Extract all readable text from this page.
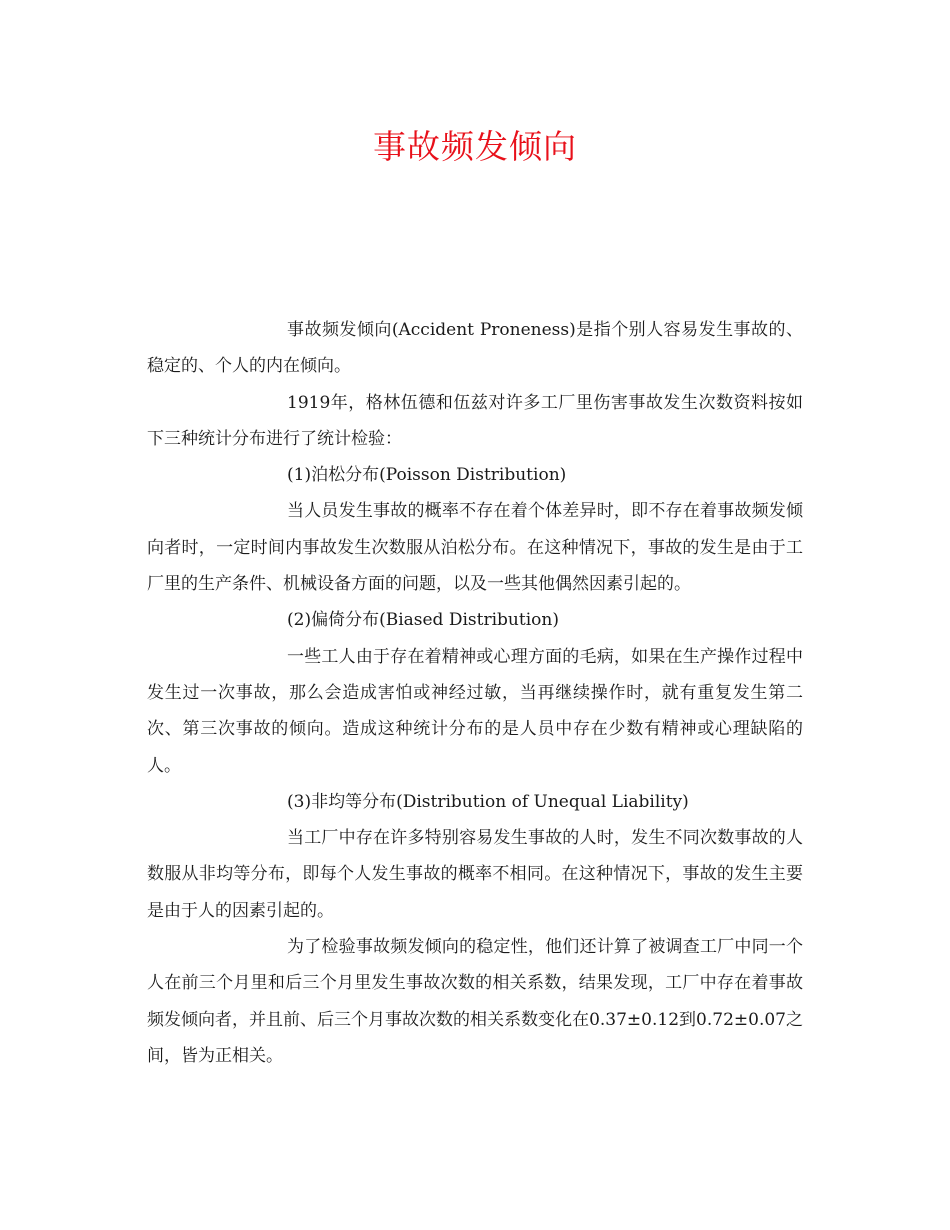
事故频发倾向

事故频发倾向(Accident Proneness)是指个别人容易发生事故的、稳定的、个人的内在倾向。

1919年，格林伍德和伍兹对许多工厂里伤害事故发生次数资料按如下三种统计分布进行了统计检验：

(1)泊松分布(Poisson Distribution)

当人员发生事故的概率不存在着个体差异时，即不存在着事故频发倾　向者时，一定时间内事故发生次数服从泊松分布。在这种情况下，事故的发生是由于工厂里的生产条件、机械设备方面的问题，以及一些其他偶然因素引起的。

(2)偏倚分布(Biased Distribution)

一些工人由于存在着精神或心理方面的毛病，如果在生产操作过程中发生过一次事故，那么会造成害怕或神经过敏，当再继续操作时，就有重复发生第二次、第三次事故的倾向。造成这种统计分布的是人员中存在少数有精神或心理缺陷的人。

(3)非均等分布(Distribution of Unequal Liability)

当工厂中存在许多特别容易发生事故的人时，发生不同次数事故的人数服从非均等分布，即每个人发生事故的概率不相同。在这种情况下，事故的发生主要是由于人的因素引起的。

为了检验事故频发倾向的稳定性，他们还计算了被调查工厂中同一个人在前三个月里和后三个月里发生事故次数的相关系数，结果发现，工厂中存在着事故频发倾向者，并且前、后三个月事故次数的相关系数变化在0.37±0.12到0.72±0.07之间，皆为正相关。
